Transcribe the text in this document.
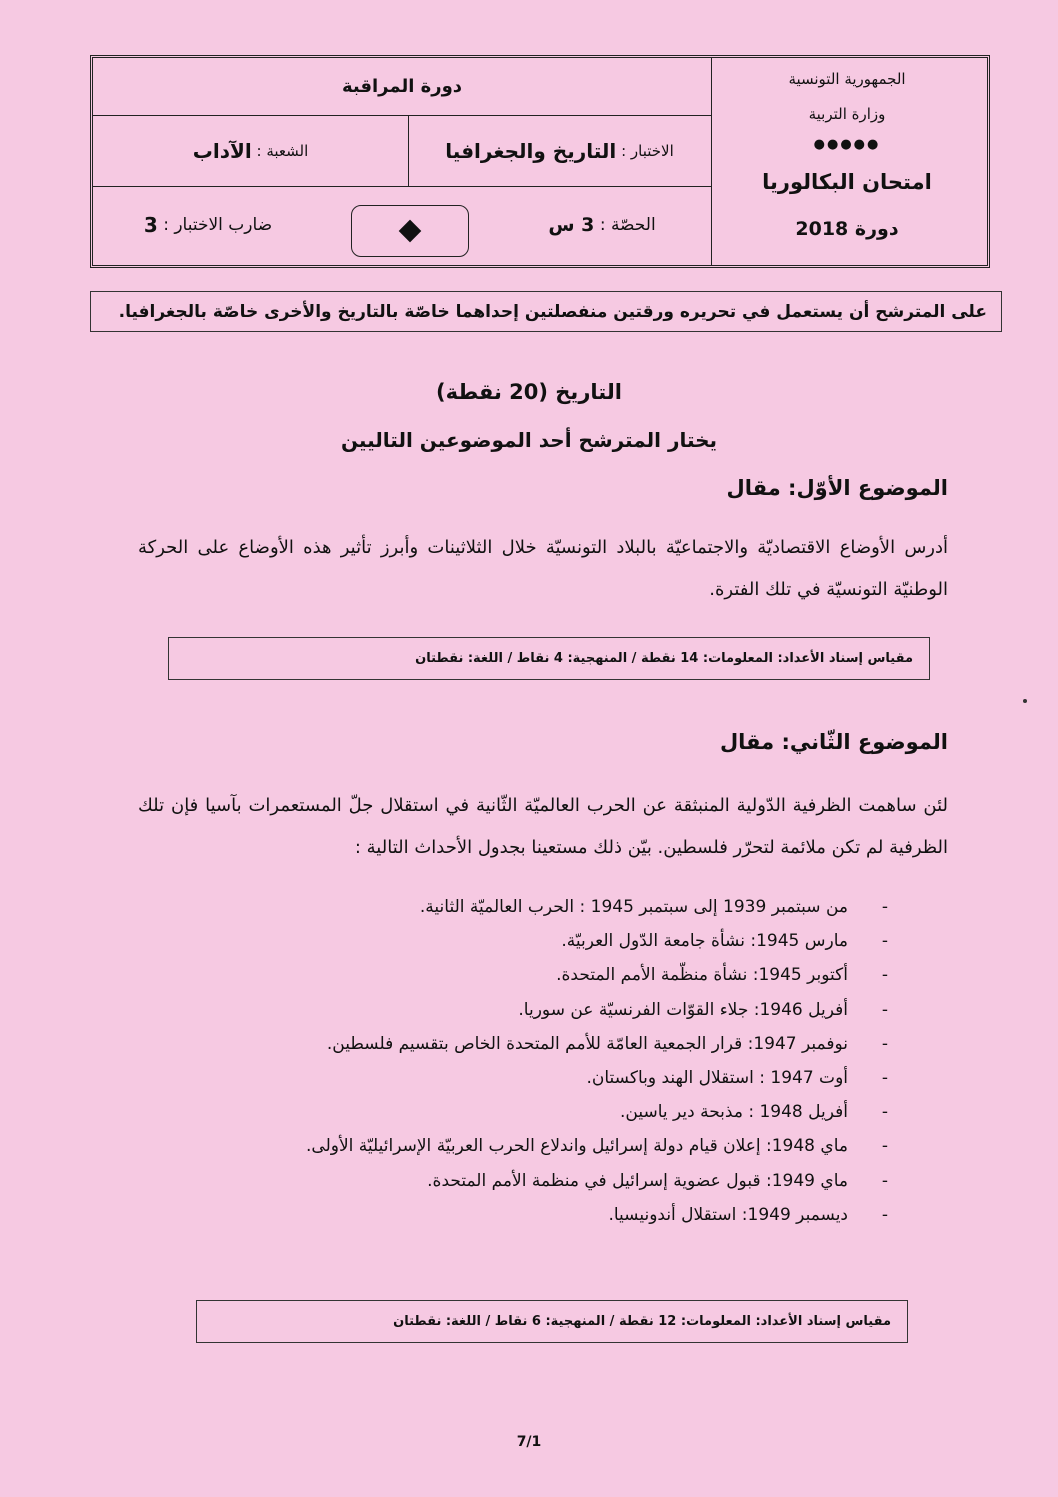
الجمهورية التونسية
وزارة التربية
●●●●●
امتحان البكالوريا
دورة 2018
دورة المراقبة
الاختبار :

التاريخ والجغرافيا
الشعبة :

الآداب
الحصّة :

3 س
ضارب الاختبار :

3
على المترشح أن يستعمل في تحريره ورقتين منفصلتين إحداهما خاصّة بالتاريخ والأخرى خاصّة بالجغرافيا.
التاريخ (20 نقطة)
يختار المترشح أحد الموضوعين التاليين
الموضوع الأوّل: مقال
أدرس الأوضاع الاقتصاديّة والاجتماعيّة بالبلاد التونسيّة خلال الثلاثينات وأبرز تأثير هذه الأوضاع على الحركة الوطنيّة التونسيّة في تلك الفترة.
مقياس إسناد الأعداد: المعلومات: 14 نقطة / المنهجية: 4 نقاط / اللغة: نقطتان
الموضوع الثّاني: مقال
لئن ساهمت الظرفية الدّولية المنبثقة عن الحرب العالميّة الثّانية في استقلال جلّ المستعمرات بآسيا فإن تلك الظرفية لم تكن ملائمة لتحرّر فلسطين. بيّن ذلك مستعينا بجدول الأحداث التالية :
-
من سبتمبر 1939 إلى سبتمبر 1945 : الحرب العالميّة الثانية.
-
مارس 1945: نشأة جامعة الدّول العربيّة.
-
أكتوبر 1945: نشأة منظّمة الأمم المتحدة.
-
أفريل 1946: جلاء القوّات الفرنسيّة عن سوريا.
-
نوفمبر 1947: قرار الجمعية العامّة للأمم المتحدة الخاص بتقسيم فلسطين.
-
أوت 1947 : استقلال الهند وباكستان.
-
أفريل 1948 : مذبحة دير ياسين.
-
ماي 1948: إعلان قيام دولة إسرائيل واندلاع الحرب العربيّة الإسرائيليّة الأولى.
-
ماي 1949: قبول عضوية إسرائيل في منظمة الأمم المتحدة.
-
ديسمبر 1949: استقلال أندونيسيا.
مقياس إسناد الأعداد: المعلومات: 12 نقطة / المنهجية: 6 نقاط / اللغة: نقطتان
7/1
